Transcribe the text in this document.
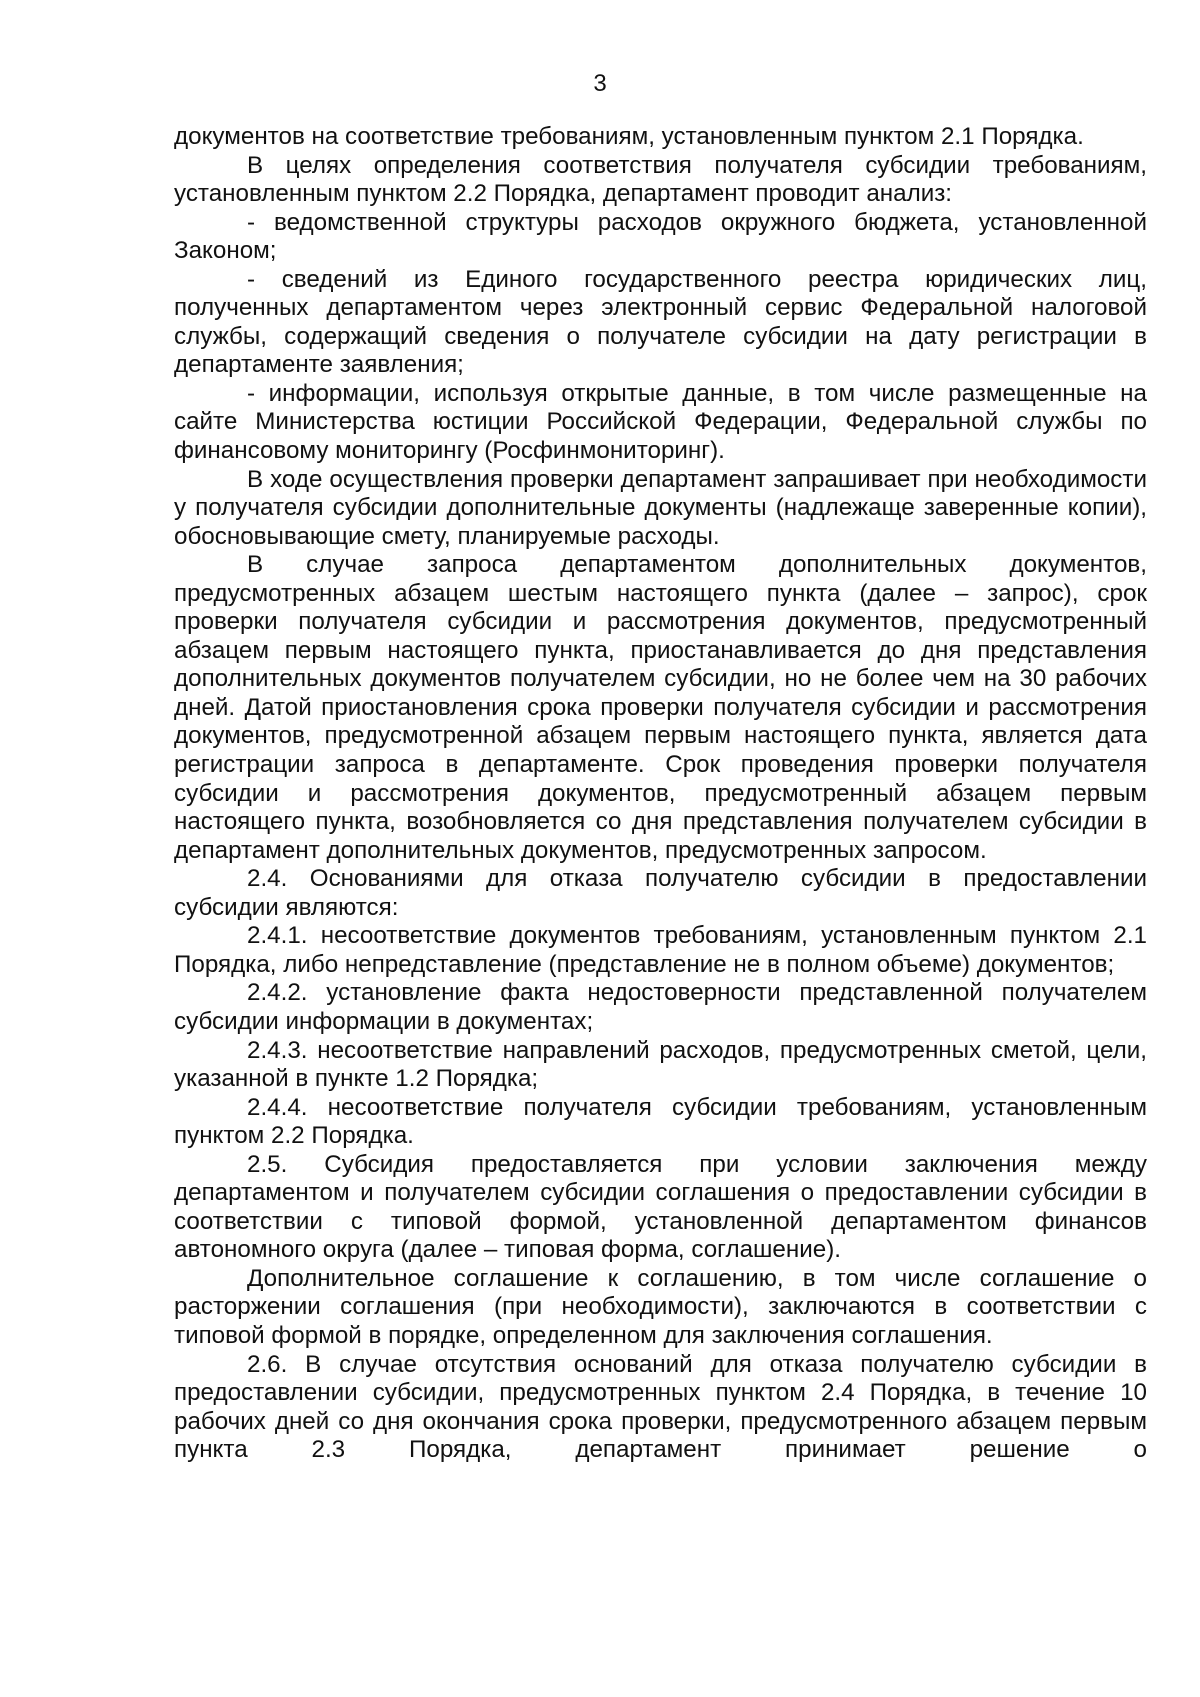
3

документов на соответствие требованиям, установленным пунктом 2.1 Порядка.

В целях определения соответствия получателя субсидии требованиям, установленным пунктом 2.2 Порядка, департамент проводит анализ:

- ведомственной структуры расходов окружного бюджета, установленной Законом;

- сведений из Единого государственного реестра юридических лиц, полученных департаментом через электронный сервис Федеральной налоговой службы, содержащий сведения о получателе субсидии на дату регистрации в департаменте заявления;

- информации, используя открытые данные, в том числе размещенные на сайте Министерства юстиции Российской Федерации, Федеральной службы по финансовому мониторингу (Росфинмониторинг).

В ходе осуществления проверки департамент запрашивает при необходимости у получателя субсидии дополнительные документы (надлежаще заверенные копии), обосновывающие смету, планируемые расходы.

В случае запроса департаментом дополнительных документов, предусмотренных абзацем шестым настоящего пункта (далее – запрос), срок проверки получателя субсидии и рассмотрения документов, предусмотренный абзацем первым настоящего пункта, приостанавливается до дня представления дополнительных документов получателем субсидии, но не более чем на 30 рабочих дней. Датой приостановления срока проверки получателя субсидии и рассмотрения документов, предусмотренной абзацем первым настоящего пункта, является дата регистрации запроса в департаменте. Срок проведения проверки получателя субсидии и рассмотрения документов, предусмотренный абзацем первым настоящего пункта, возобновляется со дня представления получателем субсидии в департамент дополнительных документов, предусмотренных запросом.

2.4. Основаниями для отказа получателю субсидии в предоставлении субсидии являются:

2.4.1. несоответствие документов требованиям, установленным пунктом 2.1 Порядка, либо непредставление (представление не в полном объеме) документов;

2.4.2. установление факта недостоверности представленной получателем субсидии информации в документах;

2.4.3. несоответствие направлений расходов, предусмотренных сметой, цели, указанной в пункте 1.2 Порядка;

2.4.4. несоответствие получателя субсидии требованиям, установленным пунктом 2.2 Порядка.

2.5. Субсидия предоставляется при условии заключения между департаментом и получателем субсидии соглашения о предоставлении субсидии в соответствии с типовой формой, установленной департаментом финансов автономного округа (далее – типовая форма, соглашение).

Дополнительное соглашение к соглашению, в том числе соглашение о расторжении соглашения (при необходимости), заключаются в соответствии с типовой формой в порядке, определенном для заключения соглашения.

2.6. В случае отсутствия оснований для отказа получателю субсидии в предоставлении субсидии, предусмотренных пунктом 2.4 Порядка, в течение 10 рабочих дней со дня окончания срока проверки, предусмотренного абзацем первым пункта 2.3 Порядка, департамент принимает решение о
